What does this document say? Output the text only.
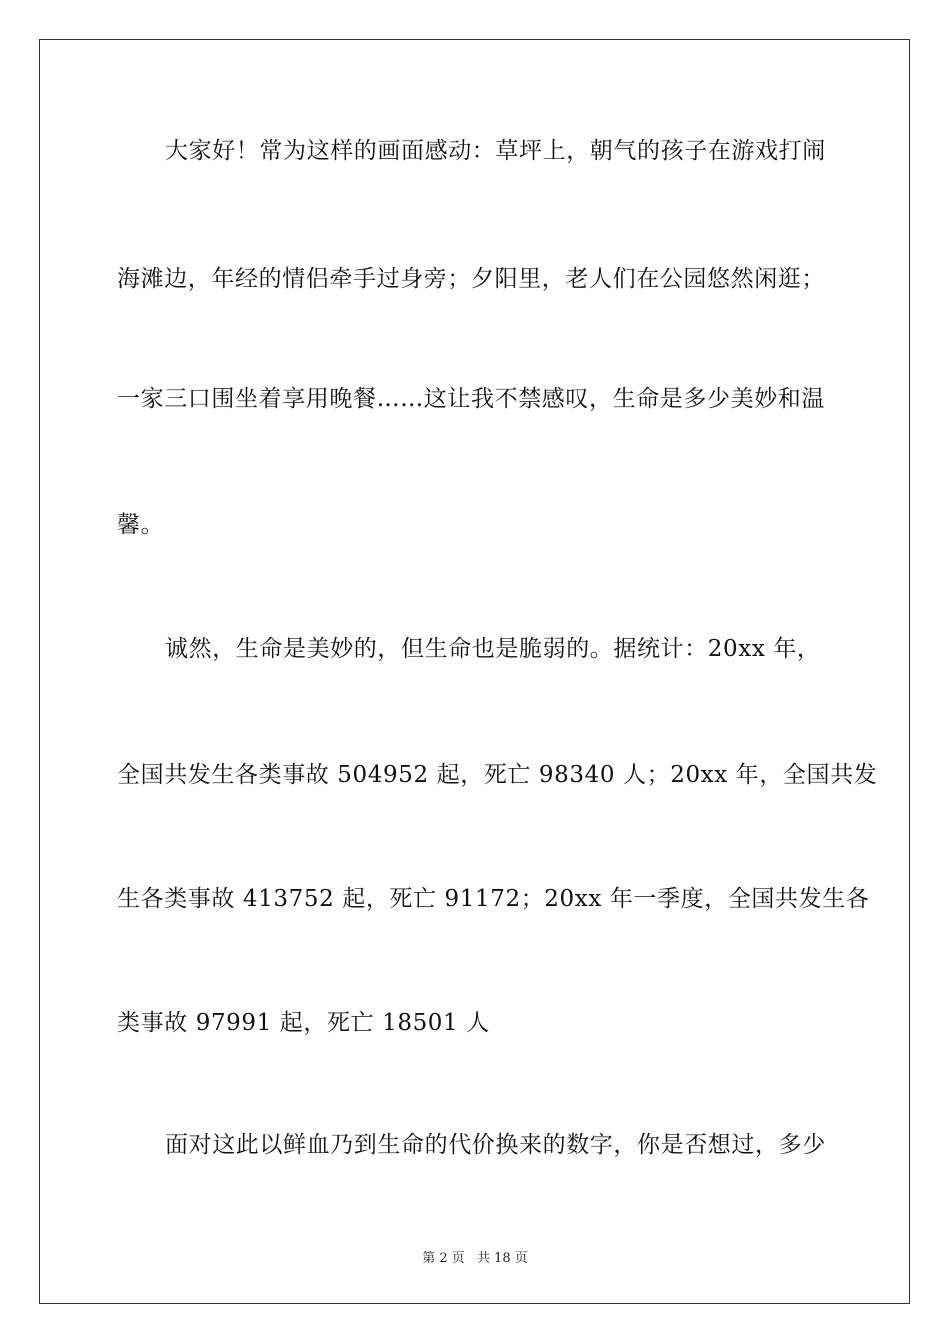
大家好！常为这样的画面感动：草坪上，朝气的孩子在游戏打闹
海滩边，年经的情侣牵手过身旁；夕阳里，老人们在公园悠然闲逛；
一家三口围坐着享用晚餐……这让我不禁感叹，生命是多少美妙和温
馨。
诚然，生命是美妙的，但生命也是脆弱的。据统计：20xx 年，
全国共发生各类事故 504952 起，死亡 98340 人；20xx 年，全国共发
生各类事故 413752 起，死亡 91172；20xx 年一季度，全国共发生各
类事故 97991 起，死亡 18501 人
面对这此以鲜血乃到生命的代价换来的数字，你是否想过，多少
第 2 页 共 18 页
